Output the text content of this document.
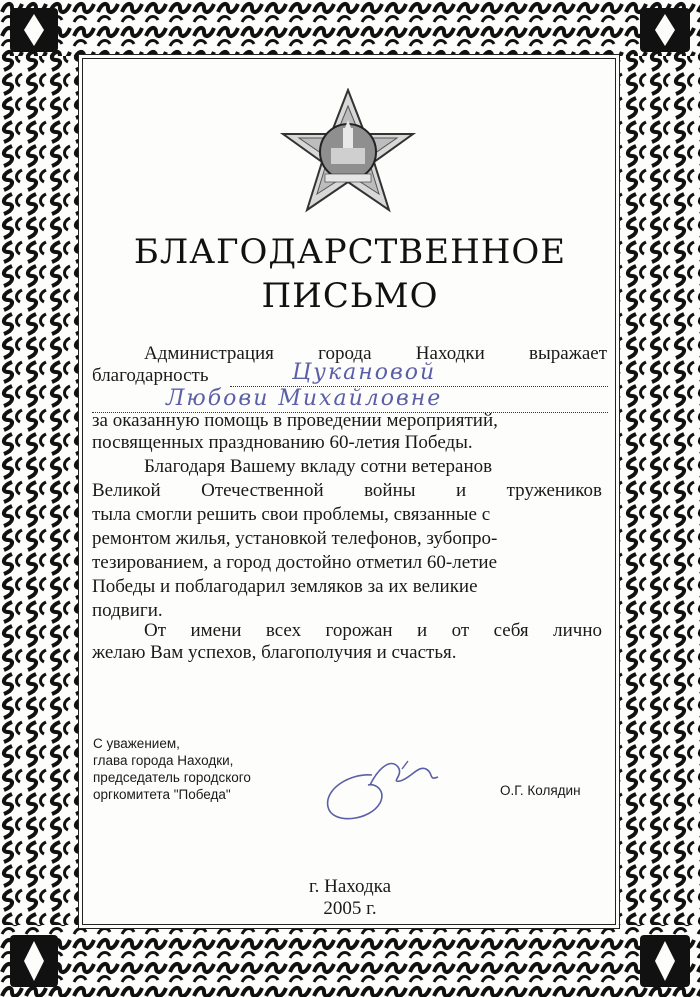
БЛАГОДАРСТВЕННОЕ
ПИСЬМО
Администрация города Находки выражает
благодарность	Цукановой
Любови Михайловне
за оказанную помощь в проведении мероприятий,
посвященных празднованию 60-летия Победы.
Благодаря Вашему вкладу сотни ветеранов
Великой Отечественной войны и тружеников
тыла смогли решить свои проблемы, связанные с
ремонтом жилья, установкой телефонов, зубопро-
тезированием, а город достойно отметил 60-летие
Победы и поблагодарил земляков за их великие
подвиги.
От имени всех горожан и от себя лично
желаю Вам успехов, благополучия и счастья.
С уважением,
глава города Находки,
председатель городского
оргкомитета "Победа"	О.Г. Колядин
г. Находка
2005 г.
